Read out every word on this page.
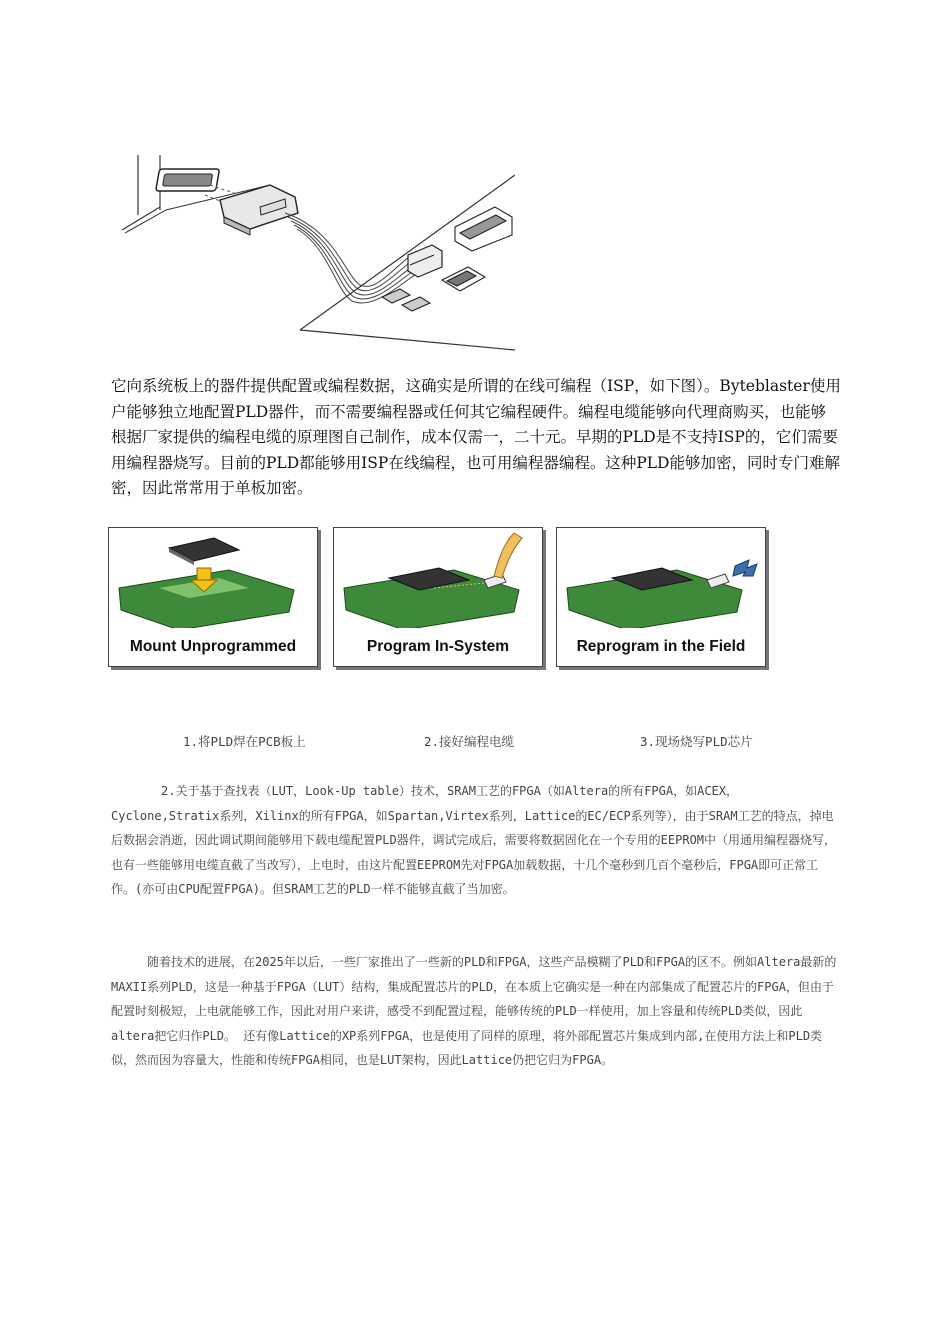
它向系统板上的器件提供配置或编程数据，这确实是所谓的在线可编程（ISP，如下图）。Byteblaster使用户能够独立地配置PLD器件，而不需要编程器或任何其它编程硬件。编程电缆能够向代理商购买，也能够根据厂家提供的编程电缆的原理图自己制作，成本仅需一，二十元。早期的PLD是不支持ISP的，它们需要用编程器烧写。目前的PLD都能够用ISP在线编程，也可用编程器编程。这种PLD能够加密，同时专门难解密，因此常常用于单板加密。

Mount Unprogrammed	Program In-System	Reprogram in the Field
1.将PLD焊在PCB板上	2.接好编程电缆	3.现场烧写PLD芯片

2.关于基于查找表（LUT，Look-Up table）技术，SRAM工艺的FPGA（如Altera的所有FPGA，如ACEX，Cyclone,Stratix系列，Xilinx的所有FPGA，如Spartan,Virtex系列，Lattice的EC/ECP系列等），由于SRAM工艺的特点，掉电后数据会消逝，因此调试期间能够用下载电缆配置PLD器件，调试完成后，需要将数据固化在一个专用的EEPROM中（用通用编程器烧写，也有一些能够用电缆直截了当改写），上电时，由这片配置EEPROM先对FPGA加载数据，十几个毫秒到几百个毫秒后，FPGA即可正常工作。(亦可由CPU配置FPGA)。但SRAM工艺的PLD一样不能够直截了当加密。

随着技术的进展，在2025年以后，一些厂家推出了一些新的PLD和FPGA，这些产品模糊了PLD和FPGA的区不。例如Altera最新的MAXII系列PLD，这是一种基于FPGA（LUT）结构，集成配置芯片的PLD，在本质上它确实是一种在内部集成了配置芯片的FPGA，但由于配置时刻极短，上电就能够工作，因此对用户来讲，感受不到配置过程，能够传统的PLD一样使用，加上容量和传统PLD类似，因此altera把它归作PLD。 还有像Lattice的XP系列FPGA，也是使用了同样的原理，将外部配置芯片集成到内部,在使用方法上和PLD类似，然而因为容量大，性能和传统FPGA相同，也是LUT架构，因此Lattice仍把它归为FPGA。
